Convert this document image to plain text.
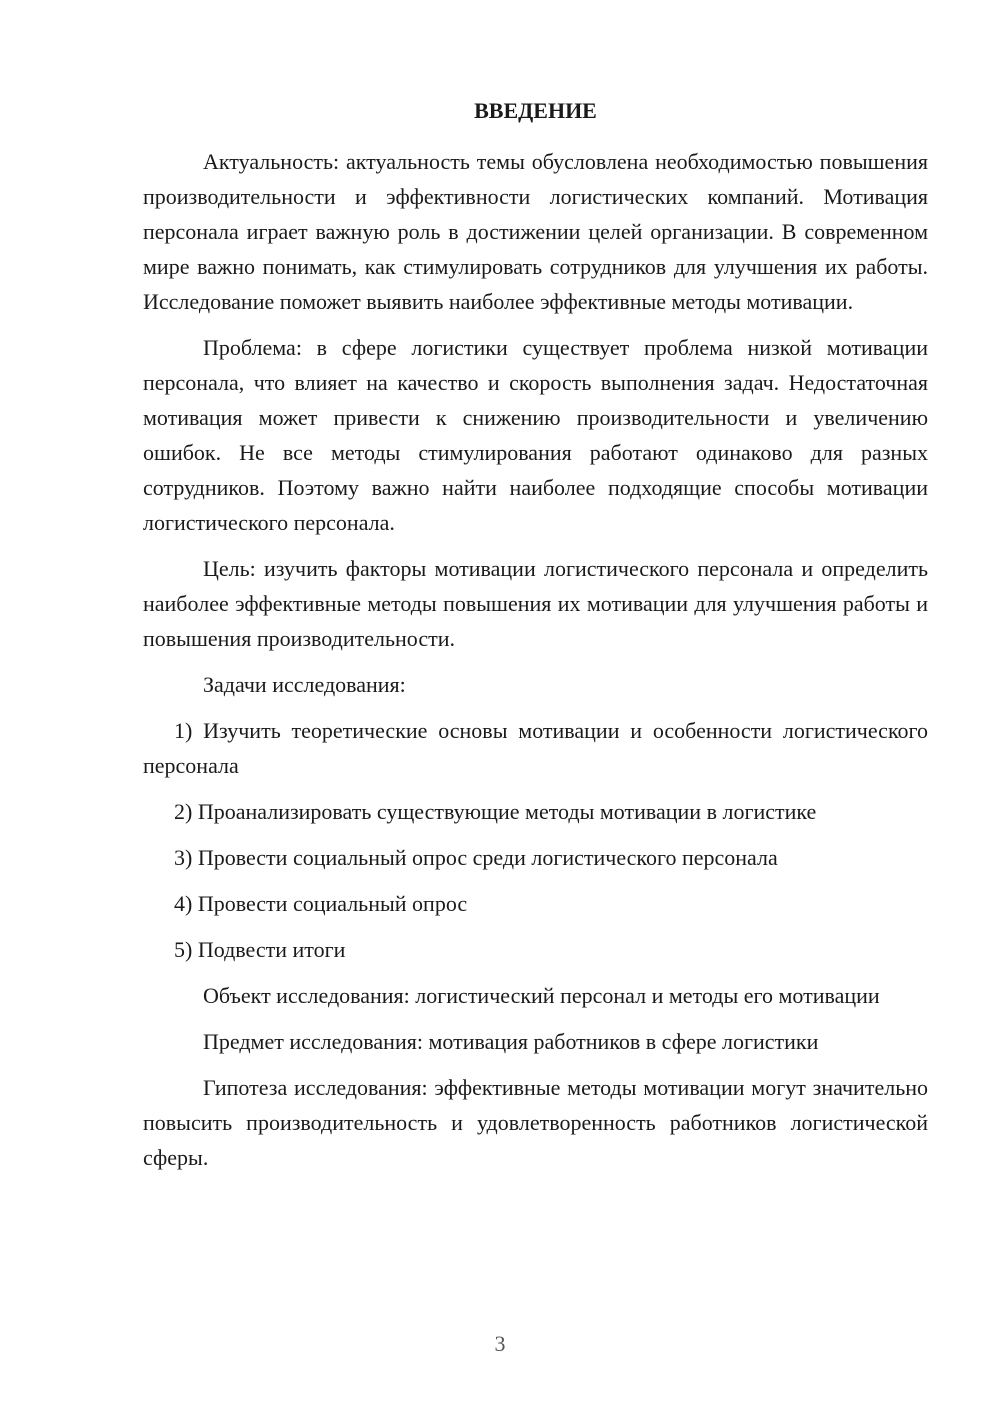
ВВЕДЕНИЕ

Актуальность: актуальность темы обусловлена необходимостью повышения производительности и эффективности логистических компаний. Мотивация персонала играет важную роль в достижении целей организации. В современном мире важно понимать, как стимулировать сотрудников для улучшения их работы. Исследование поможет выявить наиболее эффективные методы мотивации.

Проблема: в сфере логистики существует проблема низкой мотивации персонала, что влияет на качество и скорость выполнения задач. Недостаточная мотивация может привести к снижению производительности и увеличению ошибок. Не все методы стимулирования работают одинаково для разных сотрудников. Поэтому важно найти наиболее подходящие способы мотивации логистического персонала.

Цель: изучить факторы мотивации логистического персонала и определить наиболее эффективные методы повышения их мотивации для улучшения работы и повышения производительности.

Задачи исследования:

1) Изучить теоретические основы мотивации и особенности логистического персонала

2) Проанализировать существующие методы мотивации в логистике

3) Провести социальный опрос среди логистического персонала

4) Провести социальный опрос

5) Подвести итоги

Объект исследования: логистический персонал и методы его мотивации

Предмет исследования: мотивация работников в сфере логистики

Гипотеза исследования: эффективные методы мотивации могут значительно повысить производительность и удовлетворенность работников логистической сферы.

3
